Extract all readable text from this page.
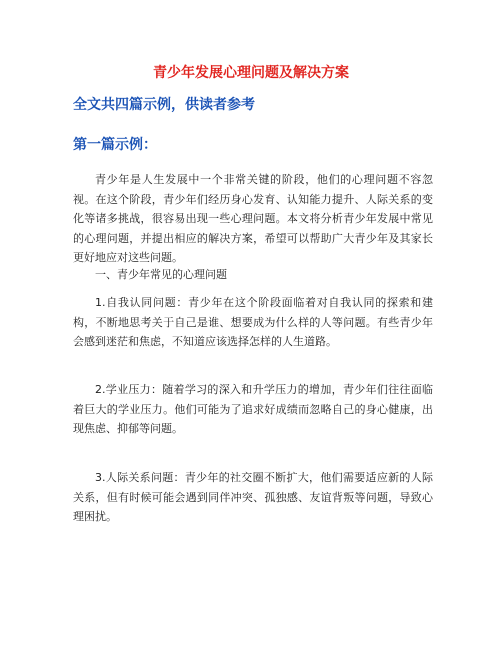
青少年发展心理问题及解决方案
全文共四篇示例，供读者参考
第一篇示例：

青少年是人生发展中一个非常关键的阶段，他们的心理问题不容忽视。在这个阶段，青少年们经历身心发育、认知能力提升、人际关系的变化等诸多挑战，很容易出现一些心理问题。本文将分析青少年发展中常见的心理问题，并提出相应的解决方案，希望可以帮助广大青少年及其家长更好地应对这些问题。

一、青少年常见的心理问题

1.自我认同问题：青少年在这个阶段面临着对自我认同的探索和建构，不断地思考关于自己是谁、想要成为什么样的人等问题。有些青少年会感到迷茫和焦虑，不知道应该选择怎样的人生道路。

2.学业压力：随着学习的深入和升学压力的增加，青少年们往往面临着巨大的学业压力。他们可能为了追求好成绩而忽略自己的身心健康，出现焦虑、抑郁等问题。

3.人际关系问题：青少年的社交圈不断扩大，他们需要适应新的人际关系，但有时候可能会遇到同伴冲突、孤独感、友谊背叛等问题，导致心理困扰。
